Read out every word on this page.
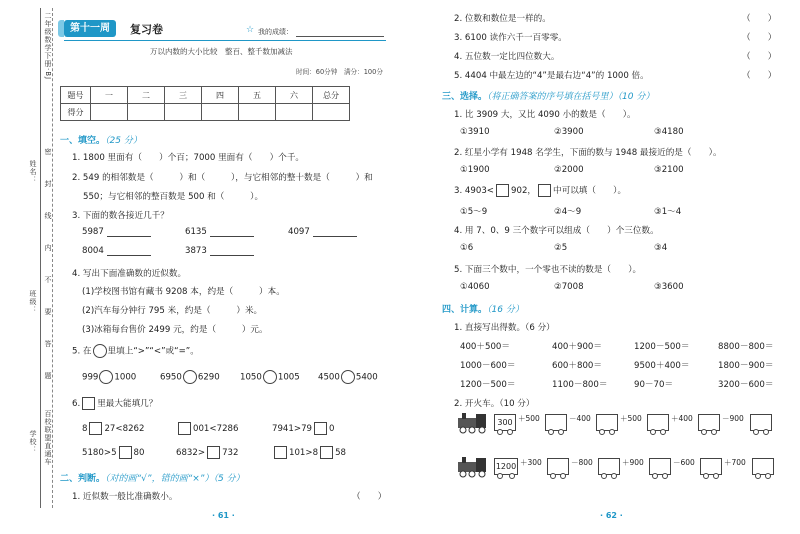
姓名：
班级：
学校：
二年级数学下册·BJ
百校联盟直通车
密
封
线
内
不
要
答
题
第十一周	复习卷	☆ 我的成绩：
万以内数的大小比较　整百、整千数加减法
时间：60分钟　满分：100分
题号	一	二	三	四	五	六	总分
得分							
一、填空。（25 分）
1. 1800 里面有（　　）个百；7000 里面有（　　）个千。
2. 549 的相邻数是（　　　）和（　　　），与它相邻的整十数是（　　　）和
550；与它相邻的整百数是 500 和（　　　）。
3. 下面的数各接近几千？
5987	6135	4097
8004	3873
4. 写出下面准确数的近似数。
(1)学校图书馆有藏书 9208 本，约是（　　　）本。
(2)汽车每分钟行 795 米，约是（　　　）米。
(3)冰箱每台售价 2499 元，约是（　　　）元。
5. 在 里填上“>”“<”或“=”。
999 1000	6950 6290 1050 1005 4500 5400
6. 里最大能填几？
8 27<8262	001<7286	7941>79 0
5180>5 80	6832> 732	101>8 58
二、判断。（对的画“√”，错的画“×”）（5 分）
1. 近似数一般比准确数小。	（　　）
· 61 ·
2. 位数和数位是一样的。	（　　）
3. 6100 读作六千一百零零。	（　　）
4. 五位数一定比四位数大。	（　　）
5. 4404 中最左边的“4”是最右边“4”的 1000 倍。	（　　）
三、选择。（将正确答案的序号填在括号里）（10 分）
1. 比 3909 大，又比 4090 小的数是（　　）。
①3910	②3900	③4180
2. 红星小学有 1948 名学生，下面的数与 1948 最接近的是（　　）。
①1900	②2000	③2100
3. 4903< 902， 中可以填（　　）。
①5～9	②4～9	③1～4
4. 用 7、0、9 三个数字可以组成（　　）个三位数。
①6	②5	③4
5. 下面三个数中，一个零也不读的数是（　　）。
①4060	②7008	③3600
四、计算。（16 分）
1. 直接写出得数。（6 分）
400＋500＝	400＋900＝	1200－500＝	8800－800＝
1000－600＝	600＋800＝	9500＋400＝	1800－900＝
1200－500＝	1100－800＝	90－70＝	3200－600＝
2. 开火车。（10 分）
300 ＋500	－400	＋500	＋400	－900
1200 ＋300	－800	＋900	－600	＋700
· 62 ·
